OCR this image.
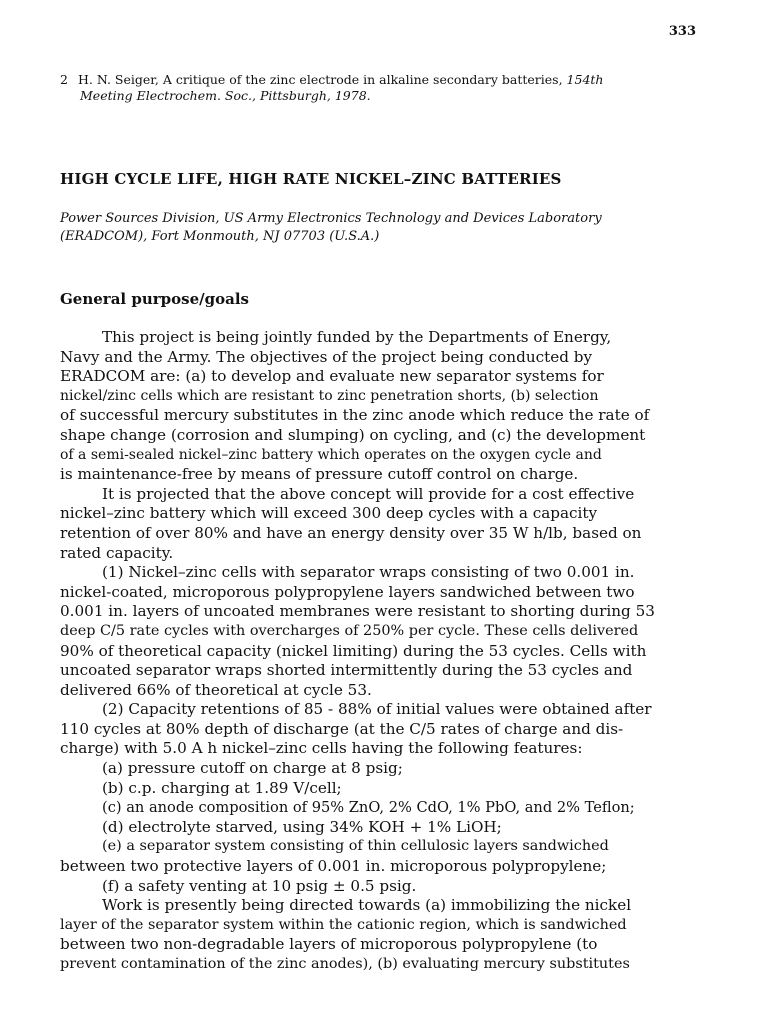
333
2 H. N. Seiger, A critique of the zinc electrode in alkaline secondary batteries, 154th
Meeting Electrochem. Soc., Pittsburgh, 1978.
HIGH CYCLE LIFE, HIGH RATE NICKEL–ZINC BATTERIES
Power Sources Division, US Army Electronics Technology and Devices Laboratory
(ERADCOM), Fort Monmouth, NJ 07703 (U.S.A.)
General purpose/goals
This project is being jointly funded by the Departments of Energy,
Navy and the Army. The objectives of the project being conducted by
ERADCOM are: (a) to develop and evaluate new separator systems for
nickel/zinc cells which are resistant to zinc penetration shorts, (b) selection
of successful mercury substitutes in the zinc anode which reduce the rate of
shape change (corrosion and slumping) on cycling, and (c) the development
of a semi-sealed nickel–zinc battery which operates on the oxygen cycle and
is maintenance-free by means of pressure cutoff control on charge.
It is projected that the above concept will provide for a cost effective
nickel–zinc battery which will exceed 300 deep cycles with a capacity
retention of over 80% and have an energy density over 35 W h/lb, based on
rated capacity.
(1) Nickel–zinc cells with separator wraps consisting of two 0.001 in.
nickel-coated, microporous polypropylene layers sandwiched between two
0.001 in. layers of uncoated membranes were resistant to shorting during 53
deep C/5 rate cycles with overcharges of 250% per cycle. These cells delivered
90% of theoretical capacity (nickel limiting) during the 53 cycles. Cells with
uncoated separator wraps shorted intermittently during the 53 cycles and
delivered 66% of theoretical at cycle 53.
(2) Capacity retentions of 85 - 88% of initial values were obtained after
110 cycles at 80% depth of discharge (at the C/5 rates of charge and dis-
charge) with 5.0 A h nickel–zinc cells having the following features:
(a) pressure cutoff on charge at 8 psig;
(b) c.p. charging at 1.89 V/cell;
(c) an anode composition of 95% ZnO, 2% CdO, 1% PbO, and 2% Teflon;
(d) electrolyte starved, using 34% KOH + 1% LiOH;
(e) a separator system consisting of thin cellulosic layers sandwiched
between two protective layers of 0.001 in. microporous polypropylene;
(f) a safety venting at 10 psig ± 0.5 psig.
Work is presently being directed towards (a) immobilizing the nickel
layer of the separator system within the cationic region, which is sandwiched
between two non-degradable layers of microporous polypropylene (to
prevent contamination of the zinc anodes), (b) evaluating mercury substitutes
